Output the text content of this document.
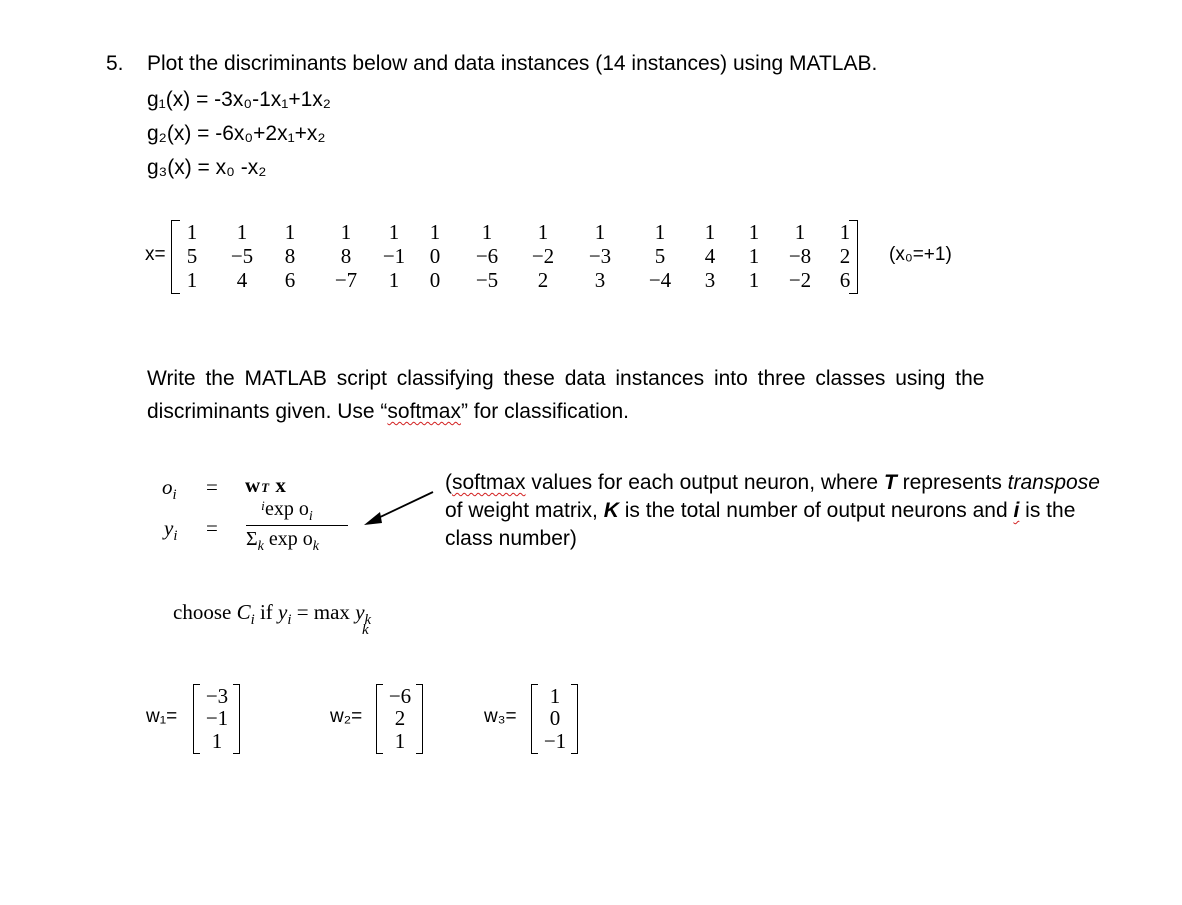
5. Plot the discriminants below and data instances (14 instances) using MATLAB.
g₁(x) = -3x₀-1x₁+1x₂
g₂(x) = -6x₀+2x₁+x₂
g₃(x) = x₀ -x₂
x=
1 1 1 1 1 1 1 1 1 1 1 1 1 1
5 −5 8 8 −1 0 −6 −2 −3 5 4 1 −8 2
1 4 6 −7 1 0 −5 2 3 −4 3 1 −2 6
(x₀=+1)
Write the MATLAB script classifying these data instances into three classes using the
discriminants given. Use “softmax” for classification.
$o_i = w$ T
i
x
$y_i$ =
$\exp o_i$
$\Sigma_k$ $\exp o_k$
(softmax values for each output neuron, where T represents transpose
of weight matrix, K is the total number of output neurons and i is the
class number)
choose $C_i$ if $y_i = \max y_k$
k
w₁=
−3
−1
1
w₂=
−6
2
1
w₃=
1
0
−1
